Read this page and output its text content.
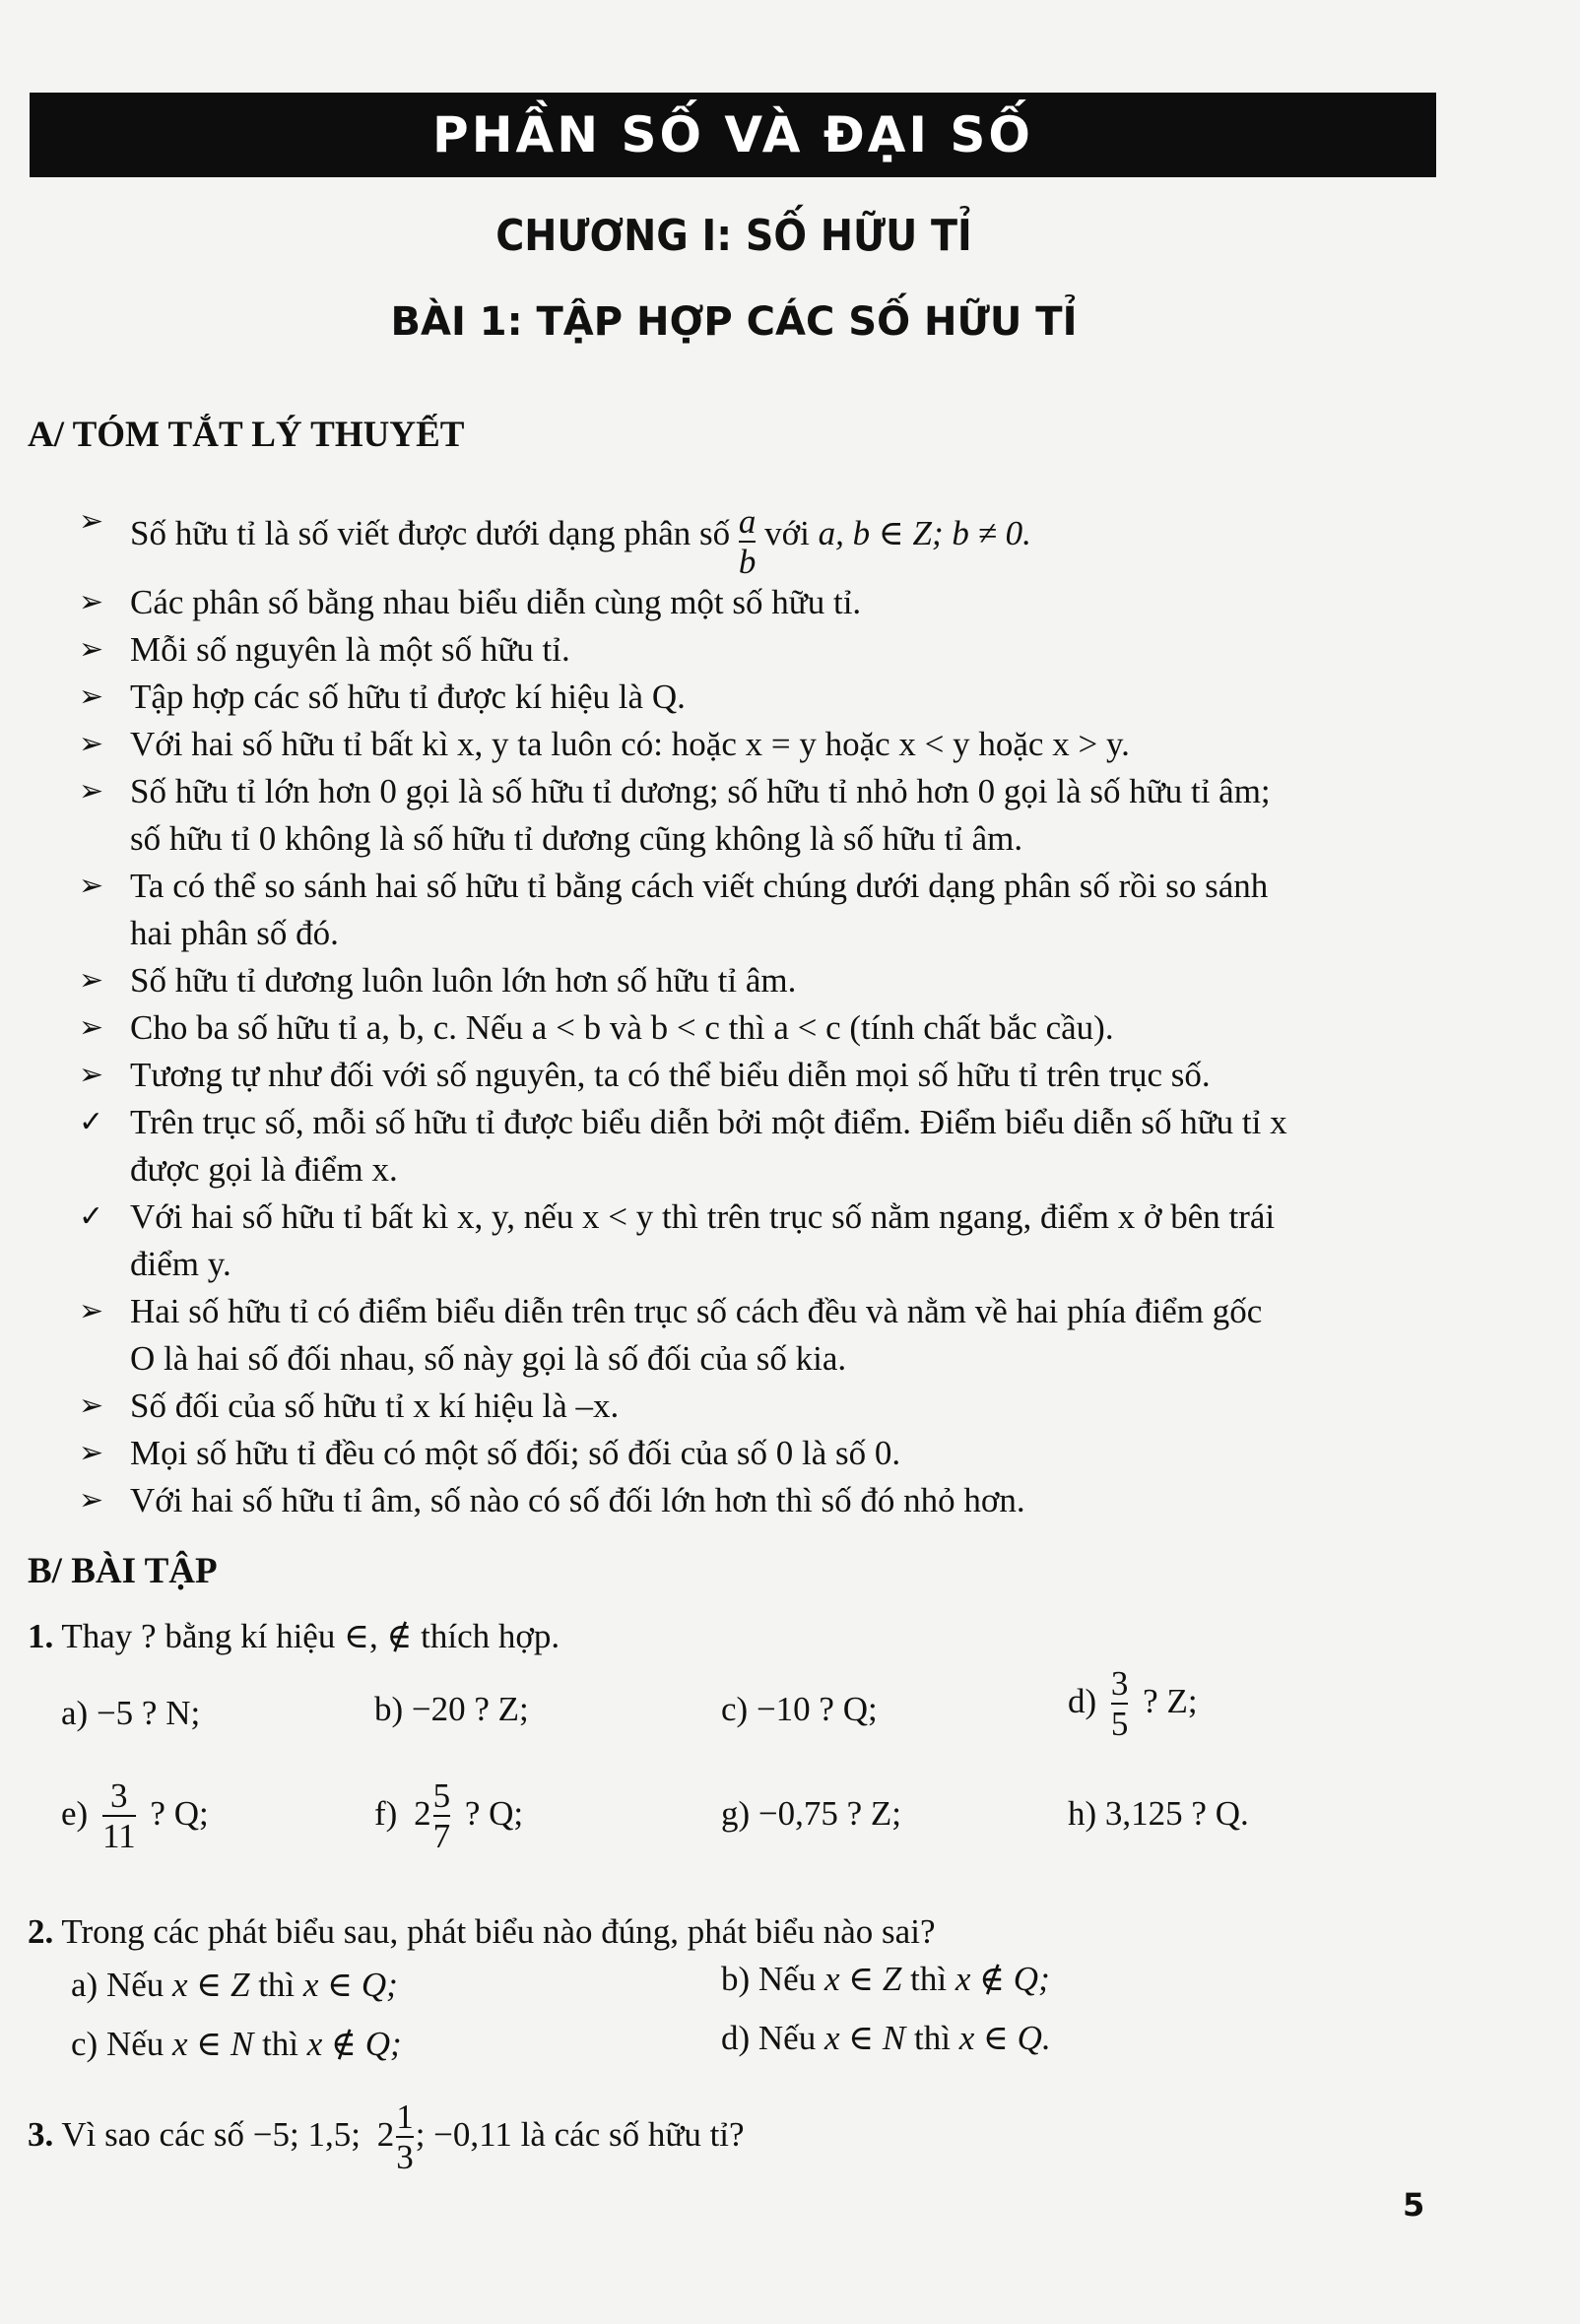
PHẦN SỐ VÀ ĐẠI SỐ
CHƯƠNG I: SỐ HỮU TỈ
BÀI 1: TẬP HỢP CÁC SỐ HỮU TỈ
A/ TÓM TẮT LÝ THUYẾT
➢ Số hữu tỉ là số viết được dưới dạng phân số $\frac{a}{b}$ với a, b ∈ Z; b ≠ 0.
➢ Các phân số bằng nhau biểu diễn cùng một số hữu tỉ.
➢ Mỗi số nguyên là một số hữu tỉ.
➢ Tập hợp các số hữu tỉ được kí hiệu là Q.
➢ Với hai số hữu tỉ bất kì x, y ta luôn có: hoặc x = y hoặc x < y hoặc x > y.
➢ Số hữu tỉ lớn hơn 0 gọi là số hữu tỉ dương; số hữu tỉ nhỏ hơn 0 gọi là số hữu tỉ âm;
số hữu tỉ 0 không là số hữu tỉ dương cũng không là số hữu tỉ âm.
➢ Ta có thể so sánh hai số hữu tỉ bằng cách viết chúng dưới dạng phân số rồi so sánh
hai phân số đó.
➢ Số hữu tỉ dương luôn luôn lớn hơn số hữu tỉ âm.
➢ Cho ba số hữu tỉ a, b, c. Nếu a < b và b < c thì a < c (tính chất bắc cầu).
➢ Tương tự như đối với số nguyên, ta có thể biểu diễn mọi số hữu tỉ trên trục số.
✓ Trên trục số, mỗi số hữu tỉ được biểu diễn bởi một điểm. Điểm biểu diễn số hữu tỉ x
được gọi là điểm x.
✓ Với hai số hữu tỉ bất kì x, y, nếu x < y thì trên trục số nằm ngang, điểm x ở bên trái
điểm y.
➢ Hai số hữu tỉ có điểm biểu diễn trên trục số cách đều và nằm về hai phía điểm gốc
O là hai số đối nhau, số này gọi là số đối của số kia.
➢ Số đối của số hữu tỉ x kí hiệu là –x.
➢ Mọi số hữu tỉ đều có một số đối; số đối của số 0 là số 0.
➢ Với hai số hữu tỉ âm, số nào có số đối lớn hơn thì số đó nhỏ hơn.
B/ BÀI TẬP
1. Thay ? bằng kí hiệu ∈, ∉ thích hợp.
a) −5 ? N;	b) −20 ? Z;	c) −10 ? Q;	$d) \frac{3}{5}$ ? Z;
$e) \frac{3}{11}$ ? Q;	f) $2 \frac{5}{7}$ ? Q;	g) −0,75 ? Z;	h) 3,125 ? Q.
2. Trong các phát biểu sau, phát biểu nào đúng, phát biểu nào sai?
a) Nếu x ∈ Z thì x ∈ Q;	b) Nếu x ∈ Z thì x ∉ Q;
c) Nếu x ∈ N thì x ∉ Q;	d) Nếu x ∈ N thì x ∈ Q.
3. Vì sao các số −5; 1,5; $2 \frac{1}{3}$ ; −0,11 là các số hữu tỉ?
5
